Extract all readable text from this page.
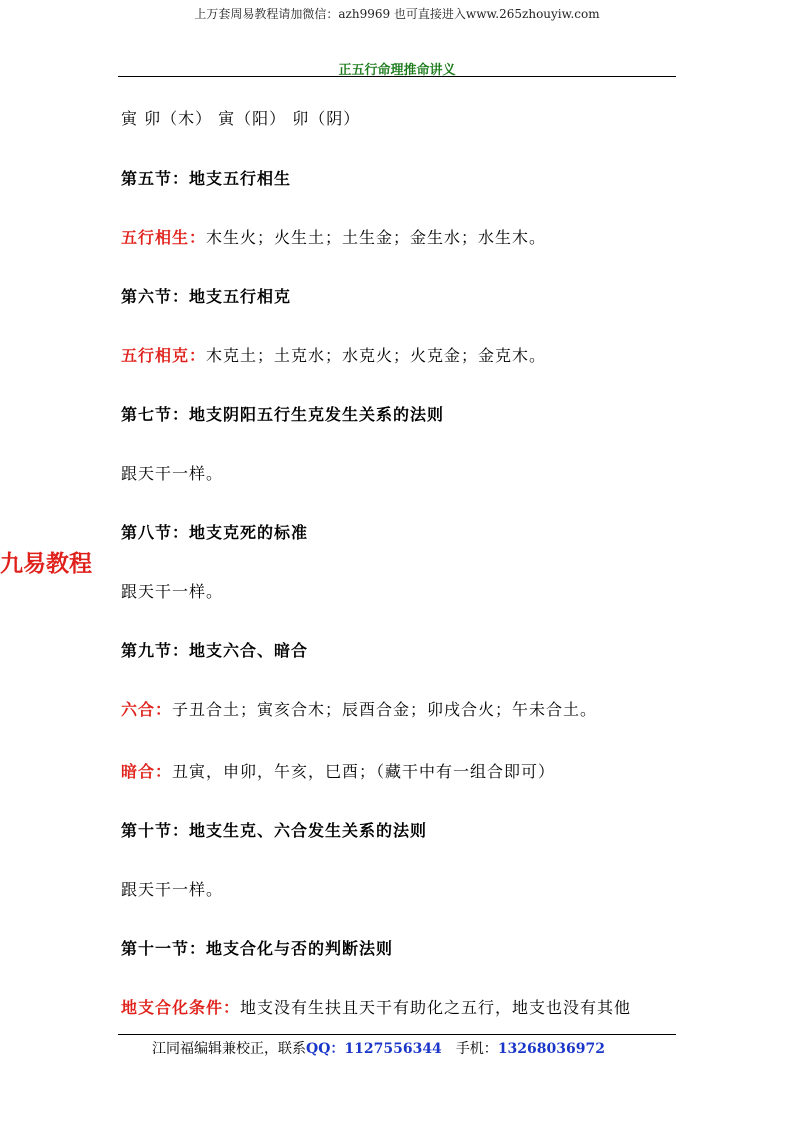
上万套周易教程请加微信：azh9969 也可直接进入www.265zhouyiw.com
正五行命理推命讲义
九易教程
寅 卯（木） 寅（阳） 卯（阴）
第五节：地支五行相生
五行相生：木生火；火生土；土生金；金生水；水生木。
第六节：地支五行相克
五行相克：木克土；土克水；水克火；火克金；金克木。
第七节：地支阴阳五行生克发生关系的法则
跟天干一样。
第八节：地支克死的标准
跟天干一样。
第九节：地支六合、暗合
六合：子丑合土；寅亥合木；辰酉合金；卯戌合火；午未合土。
暗合：丑寅，申卯，午亥，巳酉；（藏干中有一组合即可）
第十节：地支生克、六合发生关系的法则
跟天干一样。
第十一节：地支合化与否的判断法则
地支合化条件：地支没有生扶且天干有助化之五行，地支也没有其他
江同福编辑兼校正，联系QQ：1127556344 手机：13268036972
